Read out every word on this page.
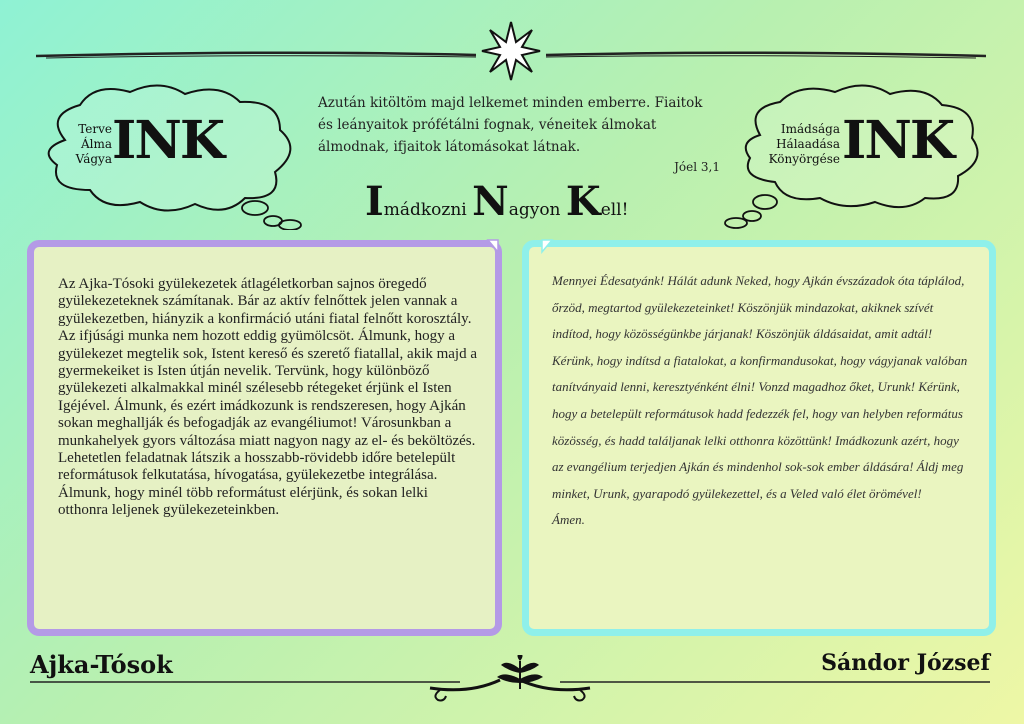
Terve
Álma
Vágya INK	Imádsága
Hálaadása
Könyörgése INK
Azután kitöltöm majd lelkemet minden emberre. Fiaitok és leányaitok prófétálni fognak, véneitek álmokat álmodnak, ifjaitok látomásokat látnak.
Jóel 3,1
Imádkozni Nagyon Kell!
Az Ajka-Tósoki gyülekezetek átlagéletkorban sajnos öregedő gyülekezeteknek számítanak. Bár az aktív felnőttek jelen vannak a gyülekezetben, hiányzik a konfirmáció utáni fiatal felnőtt korosztály. Az ifjúsági munka nem hozott eddig gyümölcsöt. Álmunk, hogy a gyülekezet megtelik sok, Istent kereső és szerető fiatallal, akik majd a gyermekeiket is Isten útján nevelik. Tervünk, hogy különböző gyülekezeti alkalmakkal minél szélesebb rétegeket érjünk el Isten Igéjével. Álmunk, és ezért imádkozunk is rendszeresen, hogy Ajkán sokan meghallják és befogadják az evangéliumot! Városunkban a munkahelyek gyors változása miatt nagyon nagy az el- és beköltözés. Lehetetlen feladatnak látszik a hosszabb-rövidebb időre betelepült reformátusok felkutatása, hívogatása, gyülekezetbe integrálása. Álmunk, hogy minél több reformátust elérjünk, és sokan lelki otthonra leljenek gyülekezeteinkben.
Mennyei Édesatyánk! Hálát adunk Neked, hogy Ajkán évszázadok óta táplálod, őrzöd, megtartod gyülekezeteinket! Köszönjük mindazokat, akiknek szívét indítod, hogy közösségünkbe járjanak! Köszönjük áldásaidat, amit adtál! Kérünk, hogy indítsd a fiatalokat, a konfirmandusokat, hogy vágyjanak valóban tanítványaid lenni, keresztyénként élni! Vonzd magadhoz őket, Urunk! Kérünk, hogy a betelepült reformátusok hadd fedezzék fel, hogy van helyben református közösség, és hadd találjanak lelki otthonra közöttünk! Imádkozunk azért, hogy az evangélium terjedjen Ajkán és mindenhol sok-sok ember áldására! Áldj meg minket, Urunk, gyarapodó gyülekezettel, és a Veled való élet örömével!
Ámen.
Ajka-Tósok	Sándor József
